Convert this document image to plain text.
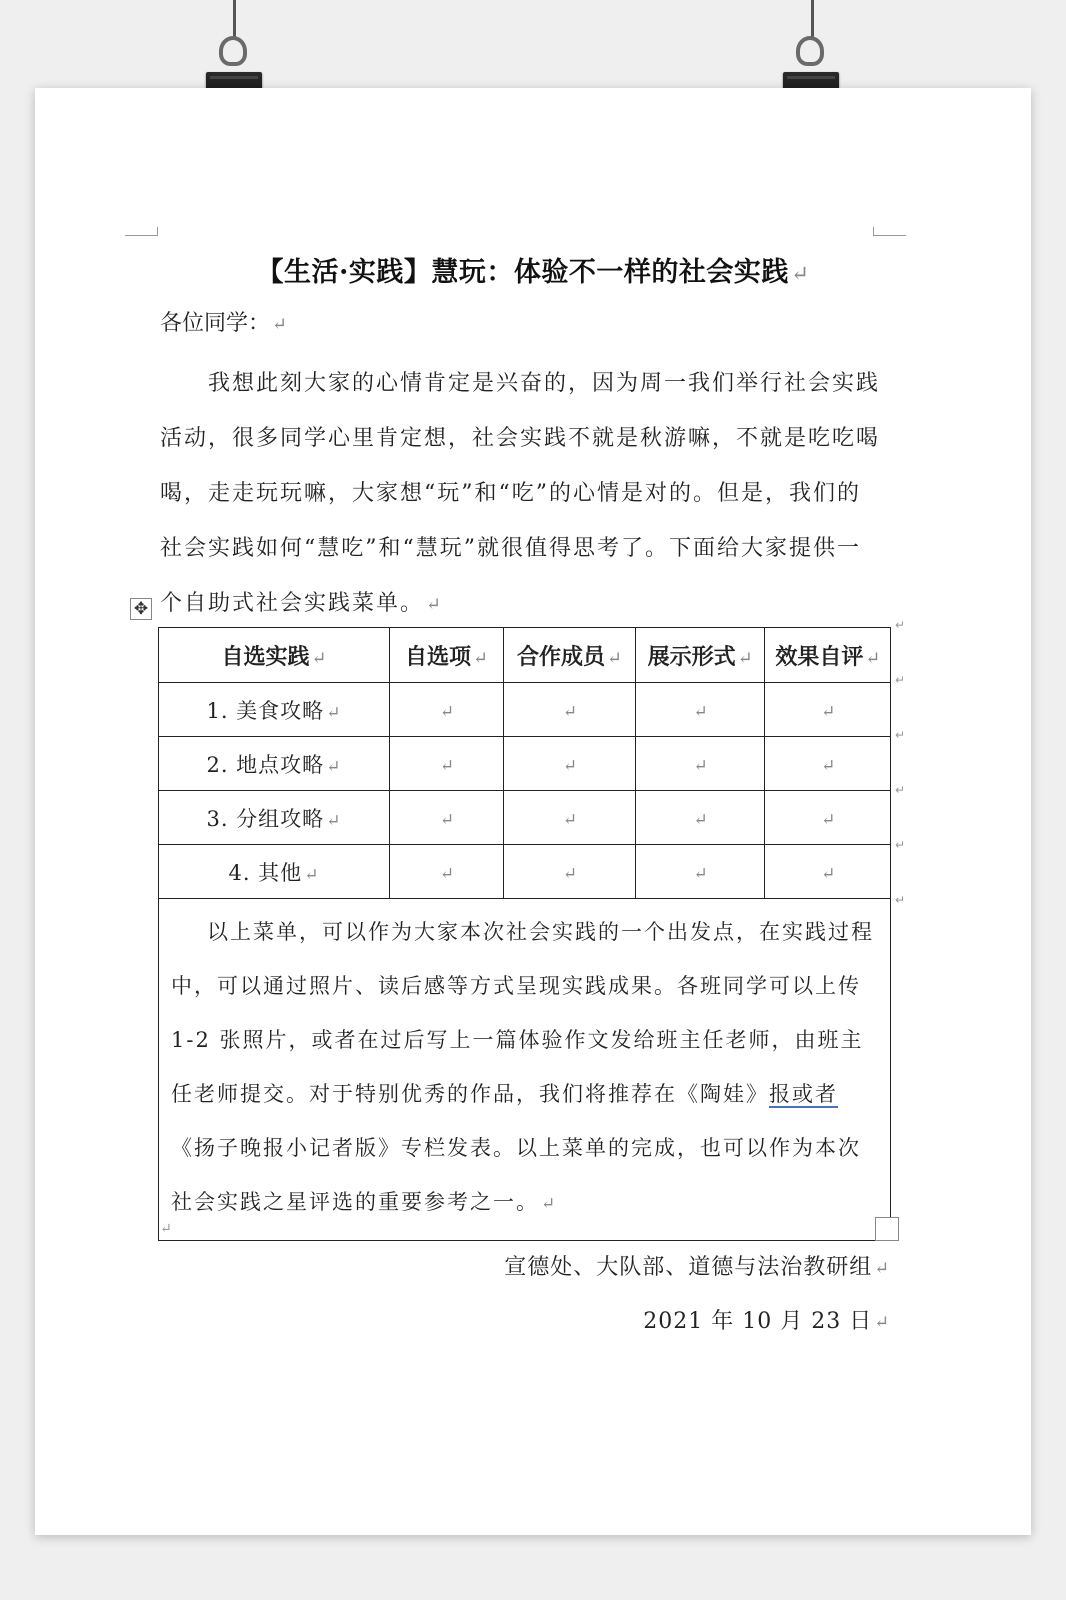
【生活·实践】慧玩：体验不一样的社会实践↵
各位同学： ↵
我想此刻大家的心情肯定是兴奋的，因为周一我们举行社会实践活动，很多同学心里肯定想，社会实践不就是秋游嘛，不就是吃吃喝喝，走走玩玩嘛，大家想“玩”和“吃”的心情是对的。但是，我们的社会实践如何“慧吃”和“慧玩”就很值得思考了。下面给大家提供一个自助式社会实践菜单。 ↵
✥
自选实践 ↵	自选项 ↵	合作成员 ↵	展示形式 ↵	效果自评 ↵
1. 美食攻略 ↵	↵	↵	↵	↵
2. 地点攻略 ↵	↵	↵	↵	↵
3. 分组攻略 ↵	↵	↵	↵	↵
4. 其他 ↵	↵	↵	↵	↵
以上菜单，可以作为大家本次社会实践的一个出发点，在实践过程中，可以通过照片、读后感等方式呈现实践成果。各班同学可以上传 1-2 张照片，或者在过后写上一篇体验作文发给班主任老师，由班主任老师提交。对于特别优秀的作品，我们将推荐在《陶娃》报或者《扬子晚报小记者版》专栏发表。以上菜单的完成，也可以作为本次社会实践之星评选的重要参考之一。 ↵				
↵
↵
↵
↵
↵
↵
↵
宣德处、大队部、道德与法治教研组 ↵
2021 年 10 月 23 日 ↵
